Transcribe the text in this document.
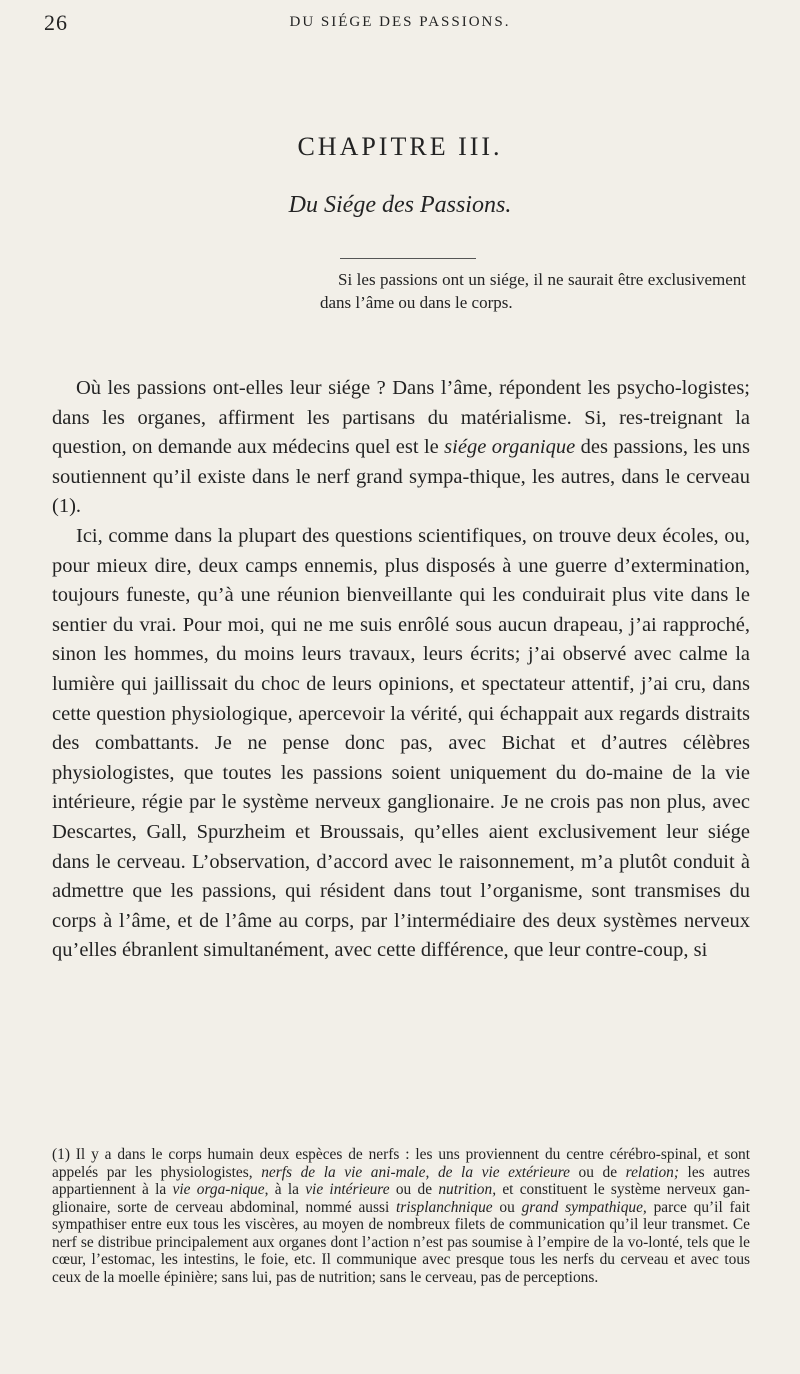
26	DU SIÉGE DES PASSIONS.
CHAPITRE III.
Du Siége des Passions.
Si les passions ont un siége, il ne saurait être exclusivement dans l’âme ou dans le corps.

Où les passions ont-elles leur siége ? Dans l’âme, répondent les psycho-logistes; dans les organes, affirment les partisans du matérialisme. Si, res-treignant la question, on demande aux médecins quel est le siége organique des passions, les uns soutiennent qu’il existe dans le nerf grand sympa-thique, les autres, dans le cerveau (1).

Ici, comme dans la plupart des questions scientifiques, on trouve deux écoles, ou, pour mieux dire, deux camps ennemis, plus disposés à une guerre d’extermination, toujours funeste, qu’à une réunion bienveillante qui les conduirait plus vite dans le sentier du vrai. Pour moi, qui ne me suis enrôlé sous aucun drapeau, j’ai rapproché, sinon les hommes, du moins leurs travaux, leurs écrits; j’ai observé avec calme la lumière qui jaillissait du choc de leurs opinions, et spectateur attentif, j’ai cru, dans cette question physiologique, apercevoir la vérité, qui échappait aux regards distraits des combattants. Je ne pense donc pas, avec Bichat et d’autres célèbres physiologistes, que toutes les passions soient uniquement du do-maine de la vie intérieure, régie par le système nerveux ganglionaire. Je ne crois pas non plus, avec Descartes, Gall, Spurzheim et Broussais, qu’elles aient exclusivement leur siége dans le cerveau. L’observation, d’accord avec le raisonnement, m’a plutôt conduit à admettre que les passions, qui résident dans tout l’organisme, sont transmises du corps à l’âme, et de l’âme au corps, par l’intermédiaire des deux systèmes nerveux qu’elles ébranlent simultanément, avec cette différence, que leur contre-coup, si

(1) Il y a dans le corps humain deux espèces de nerfs : les uns proviennent du centre cérébro-spinal, et sont appelés par les physiologistes, nerfs de la vie ani-male, de la vie extérieure ou de relation; les autres appartiennent à la vie orga-nique, à la vie intérieure ou de nutrition, et constituent le système nerveux gan-glionaire, sorte de cerveau abdominal, nommé aussi trisplanchnique ou grand sympathique, parce qu’il fait sympathiser entre eux tous les viscères, au moyen de nombreux filets de communication qu’il leur transmet. Ce nerf se distribue principalement aux organes dont l’action n’est pas soumise à l’empire de la vo-lonté, tels que le cœur, l’estomac, les intestins, le foie, etc. Il communique avec presque tous les nerfs du cerveau et avec tous ceux de la moelle épinière; sans lui, pas de nutrition; sans le cerveau, pas de perceptions.
